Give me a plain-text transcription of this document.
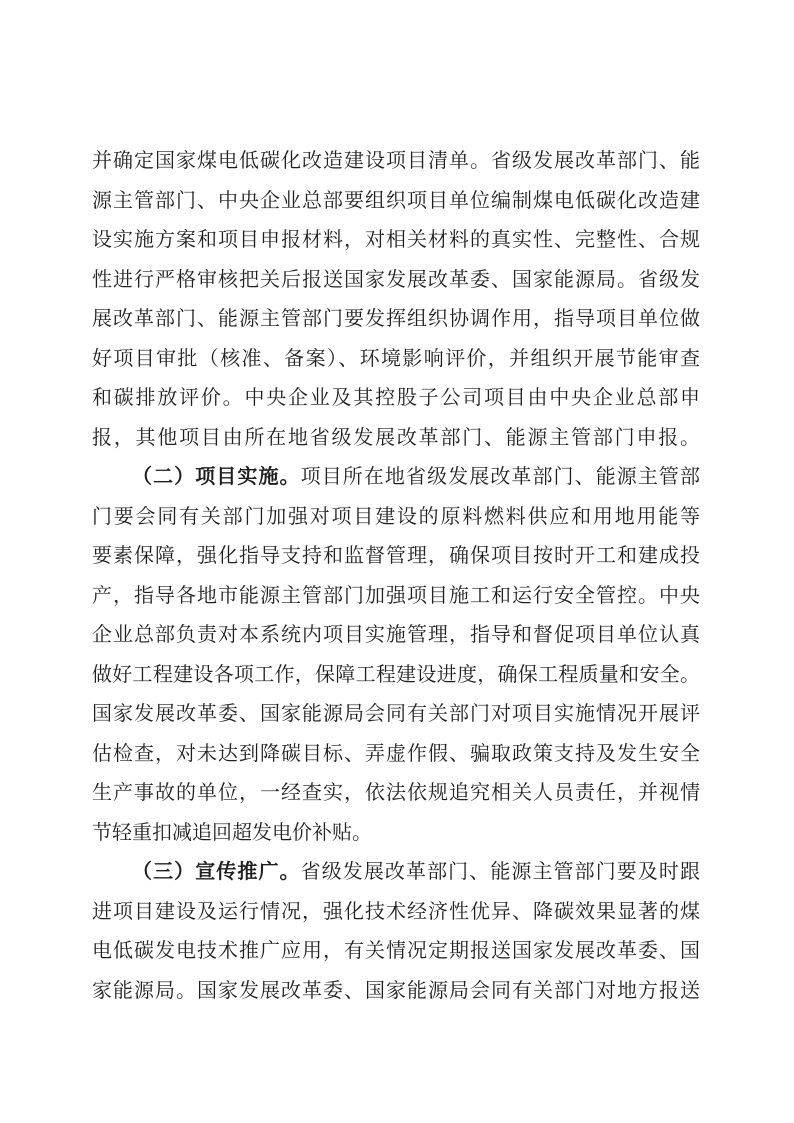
并确定国家煤电低碳化改造建设项目清单。省级发展改革部门、能
源主管部门、中央企业总部要组织项目单位编制煤电低碳化改造建
设实施方案和项目申报材料，对相关材料的真实性、完整性、合规
性进行严格审核把关后报送国家发展改革委、国家能源局。省级发
展改革部门、能源主管部门要发挥组织协调作用，指导项目单位做
好项目审批（核准、备案）、环境影响评价，并组织开展节能审查
和碳排放评价。中央企业及其控股子公司项目由中央企业总部申
报，其他项目由所在地省级发展改革部门、能源主管部门申报。
（二）项目实施。项目所在地省级发展改革部门、能源主管部
门要会同有关部门加强对项目建设的原料燃料供应和用地用能等
要素保障，强化指导支持和监督管理，确保项目按时开工和建成投
产，指导各地市能源主管部门加强项目施工和运行安全管控。中央
企业总部负责对本系统内项目实施管理，指导和督促项目单位认真
做好工程建设各项工作，保障工程建设进度，确保工程质量和安全。
国家发展改革委、国家能源局会同有关部门对项目实施情况开展评
估检查，对未达到降碳目标、弄虚作假、骗取政策支持及发生安全
生产事故的单位，一经查实，依法依规追究相关人员责任，并视情
节轻重扣减追回超发电价补贴。
（三）宣传推广。省级发展改革部门、能源主管部门要及时跟
进项目建设及运行情况，强化技术经济性优异、降碳效果显著的煤
电低碳发电技术推广应用，有关情况定期报送国家发展改革委、国
家能源局。国家发展改革委、国家能源局会同有关部门对地方报送
